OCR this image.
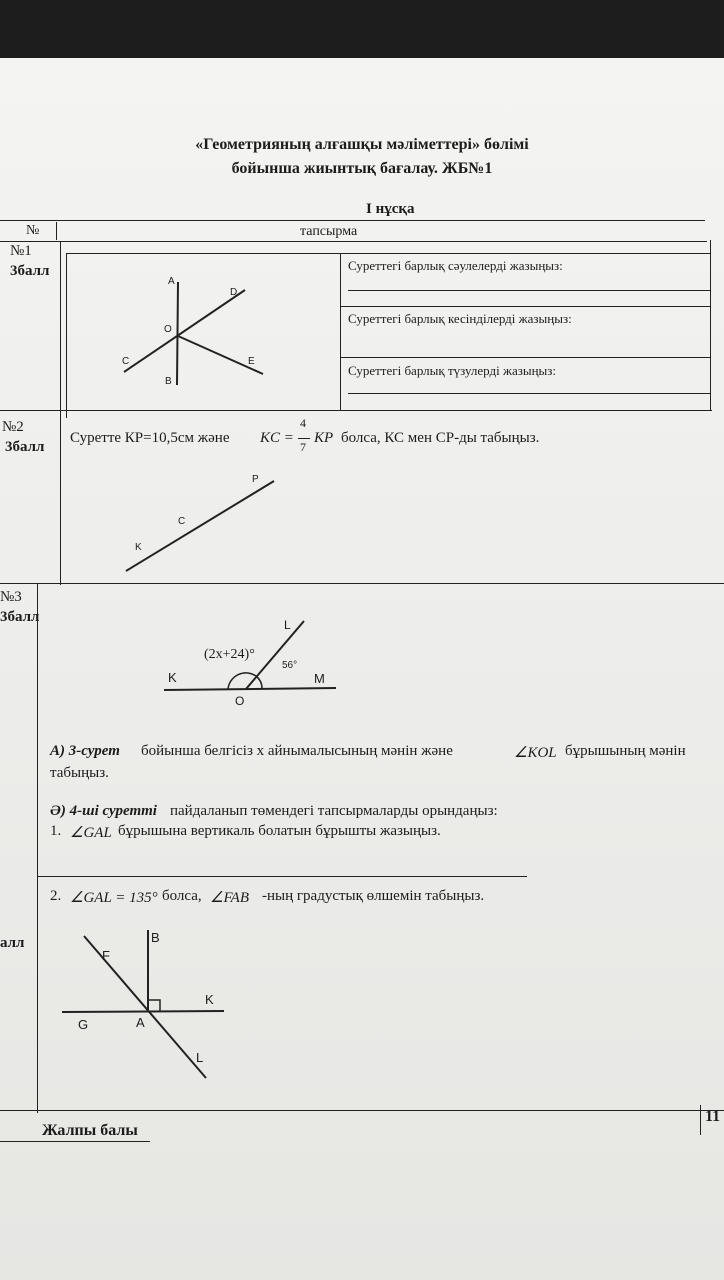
«Геометрияның алғашқы мәліметтері» бөлімі
бойынша жиынтық бағалау. ЖБ№1
І нұсқа
№	тапсырма
№1
3балл	Суреттегі барлық сәулелерді жазыңыз:
Суреттегі барлық кесінділерді жазыңыз:
Суреттегі барлық түзулерді жазыңыз:
A
D
O
C	E
B
№2
3балл
Суретте КР=10,5см және KC =
4
7
KP болса, КС мен СР-ды табыңыз.
P
C
K
№3
3балл	L
(2x+24)°
56°
K	M
O
А) 3-сурет бойынша белгісіз х айнымалысының мәнін және	∠KOL бұрышының мәнін
табыңыз.
Ә) 4-ші суретті пайдаланып төмендегі тапсырмаларды орындаңыз:
1. ∠GAL бұрышына вертикаль болатын бұрышты жазыңыз.
2. ∠GAL = 135° болса, ∠FAB -ның градустық өлшемін табыңыз.
алл	B
F
K
G	A
L
Жалпы балы
11
